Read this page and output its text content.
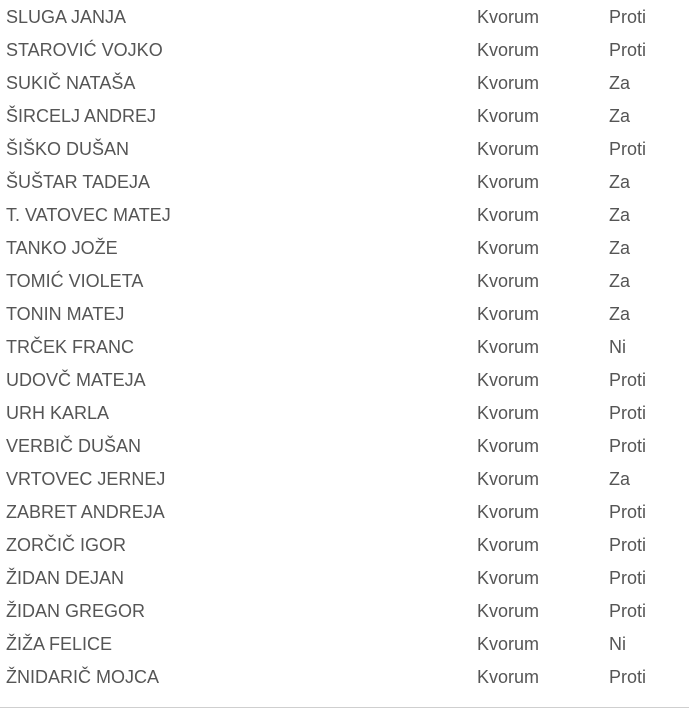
SLUGA JANJA	Kvorum	Proti
STAROVIĆ VOJKO	Kvorum	Proti
SUKIČ NATAŠA	Kvorum	Za
ŠIRCELJ ANDREJ	Kvorum	Za
ŠIŠKO DUŠAN	Kvorum	Proti
ŠUŠTAR TADEJA	Kvorum	Za
T. VATOVEC MATEJ	Kvorum	Za
TANKO JOŽE	Kvorum	Za
TOMIĆ VIOLETA	Kvorum	Za
TONIN MATEJ	Kvorum	Za
TRČEK FRANC	Kvorum	Ni
UDOVČ MATEJA	Kvorum	Proti
URH KARLA	Kvorum	Proti
VERBIČ DUŠAN	Kvorum	Proti
VRTOVEC JERNEJ	Kvorum	Za
ZABRET ANDREJA	Kvorum	Proti
ZORČIČ IGOR	Kvorum	Proti
ŽIDAN DEJAN	Kvorum	Proti
ŽIDAN GREGOR	Kvorum	Proti
ŽIŽA FELICE	Kvorum	Ni
ŽNIDARIČ MOJCA	Kvorum	Proti
